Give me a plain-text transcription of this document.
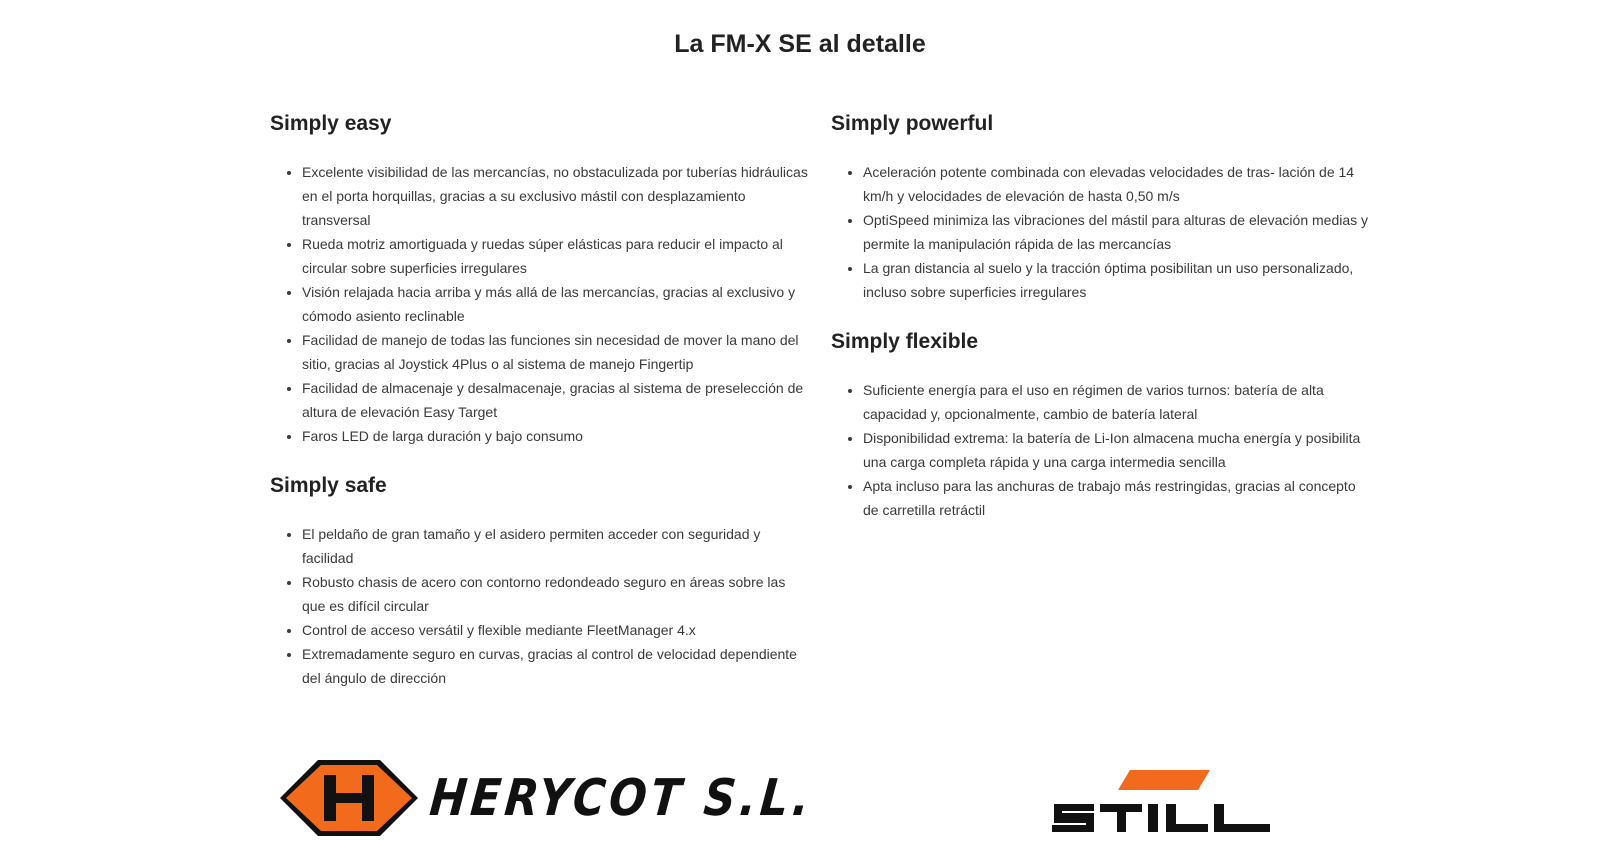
La FM-X SE al detalle
Simply easy
• Excelente visibilidad de las mercancías, no obstaculizada por tuberías hidráulicas en el porta horquillas, gracias a su exclusivo mástil con desplazamiento transversal
• Rueda motriz amortiguada y ruedas súper elásticas para reducir el impacto al circular sobre superficies irregulares
• Visión relajada hacia arriba y más allá de las mercancías, gracias al exclusivo y cómodo asiento reclinable
• Facilidad de manejo de todas las funciones sin necesidad de mover la mano del sitio, gracias al Joystick 4Plus o al sistema de manejo Fingertip
• Facilidad de almacenaje y desalmacenaje, gracias al sistema de preselección de altura de elevación Easy Target
• Faros LED de larga duración y bajo consumo
Simply safe
• El peldaño de gran tamaño y el asidero permiten acceder con seguridad y facilidad
• Robusto chasis de acero con contorno redondeado seguro en áreas sobre las que es difícil circular
• Control de acceso versátil y flexible mediante FleetManager 4.x
• Extremadamente seguro en curvas, gracias al control de velocidad dependiente del ángulo de dirección
Simply powerful
• Aceleración potente combinada con elevadas velocidades de tras- lación de 14 km/h y velocidades de elevación de hasta 0,50 m/s
• OptiSpeed minimiza las vibraciones del mástil para alturas de elevación medias y permite la manipulación rápida de las mercancías
• La gran distancia al suelo y la tracción óptima posibilitan un uso personalizado, incluso sobre superficies irregulares
Simply flexible
• Suficiente energía para el uso en régimen de varios turnos: batería de alta capacidad y, opcionalmente, cambio de batería lateral
• Disponibilidad extrema: la batería de Li-Ion almacena mucha energía y posibilita una carga completa rápida y una carga intermedia sencilla
• Apta incluso para las anchuras de trabajo más restringidas, gracias al concepto de carretilla retráctil
HERYCOT S.L.
